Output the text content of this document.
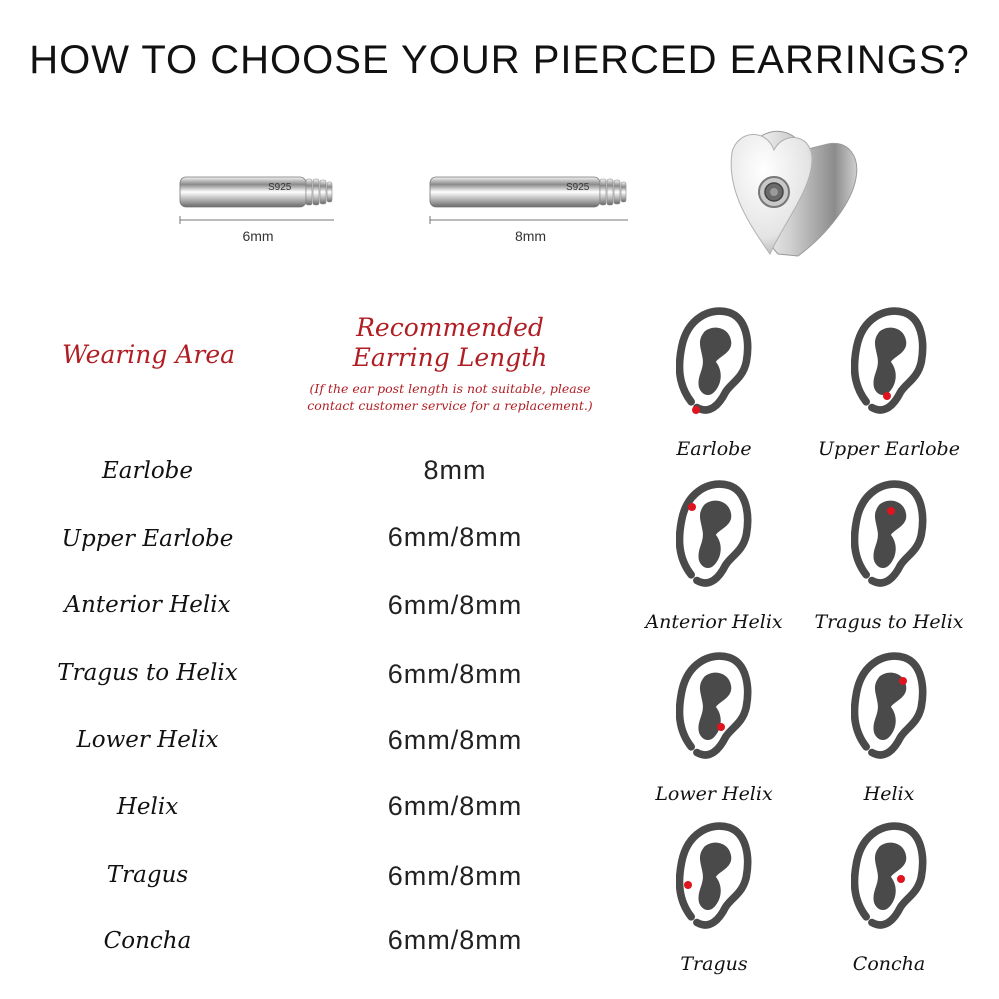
HOW TO CHOOSE YOUR PIERCED EARRINGS?
S925
6mm
S925
8mm
Wearing Area
Recommended
Earring Length
(If the ear post length is not suitable, please
contact customer service for a replacement.)
Earlobe	8mm
Upper Earlobe	6mm/8mm
Anterior Helix	6mm/8mm
Tragus to Helix	6mm/8mm
Lower Helix	6mm/8mm
Helix	6mm/8mm
Tragus	6mm/8mm
Concha	6mm/8mm
Earlobe	Upper Earlobe
Anterior Helix	Tragus to Helix
Lower Helix	Helix
Tragus	Concha
